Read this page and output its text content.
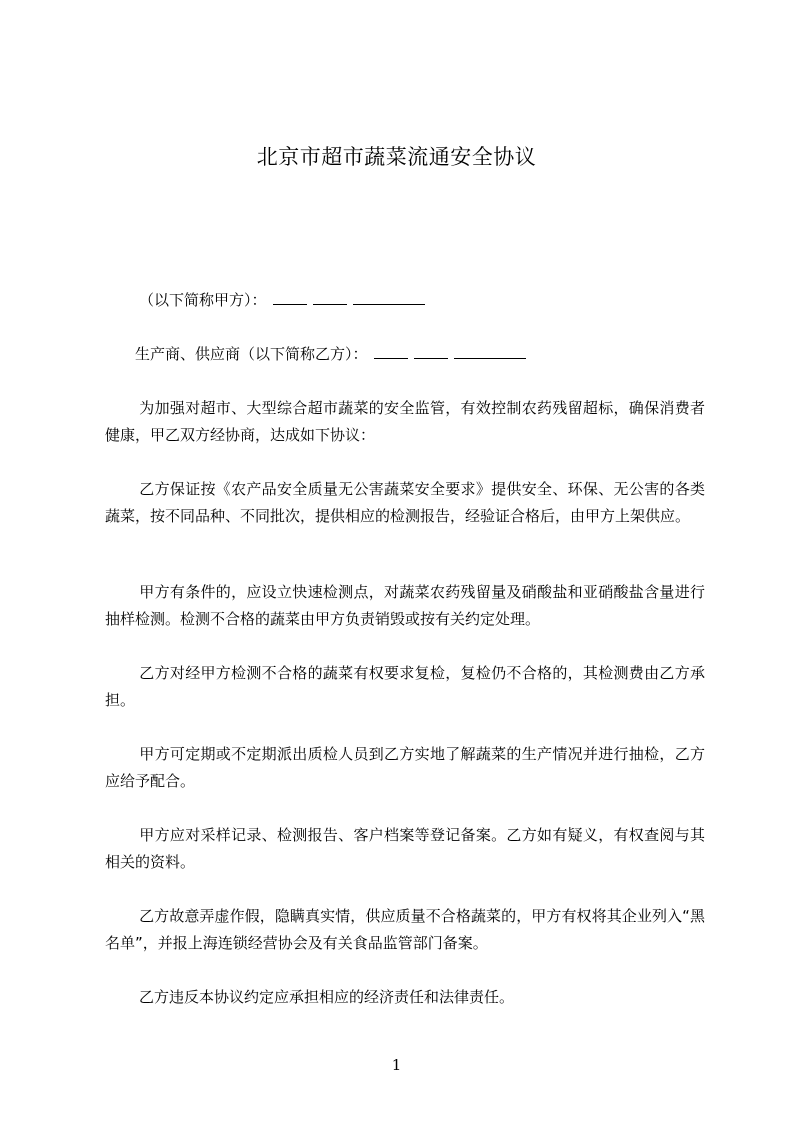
北京市超市蔬菜流通安全协议
（以下简称甲方）：
生产商、供应商（以下简称乙方）：
为加强对超市、大型综合超市蔬菜的安全监管，有效控制农药残留超标，确保消费者健康，甲乙双方经协商，达成如下协议：
乙方保证按《农产品安全质量无公害蔬菜安全要求》提供安全、环保、无公害的各类蔬菜，按不同品种、不同批次，提供相应的检测报告，经验证合格后，由甲方上架供应。
甲方有条件的，应设立快速检测点，对蔬菜农药残留量及硝酸盐和亚硝酸盐含量进行抽样检测。检测不合格的蔬菜由甲方负责销毁或按有关约定处理。
乙方对经甲方检测不合格的蔬菜有权要求复检，复检仍不合格的，其检测费由乙方承担。
甲方可定期或不定期派出质检人员到乙方实地了解蔬菜的生产情况并进行抽检，乙方应给予配合。
甲方应对采样记录、检测报告、客户档案等登记备案。乙方如有疑义，有权查阅与其相关的资料。
乙方故意弄虚作假，隐瞒真实情，供应质量不合格蔬菜的，甲方有权将其企业列入“黑名单”，并报上海连锁经营协会及有关食品监管部门备案。
乙方违反本协议约定应承担相应的经济责任和法律责任。
1
